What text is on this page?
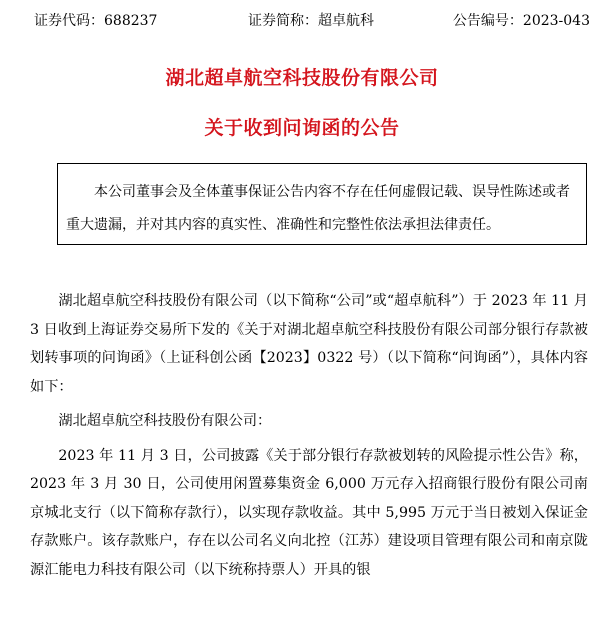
证券代码：688237	证券简称：超卓航科	公告编号：2023-043
湖北超卓航空科技股份有限公司
关于收到问询函的公告

本公司董事会及全体董事保证公告内容不存在任何虚假记载、误导性陈述或者重大遗漏，并对其内容的真实性、准确性和完整性依法承担法律责任。

湖北超卓航空科技股份有限公司（以下简称“公司”或“超卓航科”）于 2023 年 11 月 3 日收到上海证券交易所下发的《关于对湖北超卓航空科技股份有限公司部分银行存款被划转事项的问询函》（上证科创公函【2023】0322 号）（以下简称“问询函”），具体内容如下：

湖北超卓航空科技股份有限公司：

2023 年 11 月 3 日，公司披露《关于部分银行存款被划转的风险提示性公告》称，2023 年 3 月 30 日，公司使用闲置募集资金 6,000 万元存入招商银行股份有限公司南京城北支行（以下简称存款行），以实现存款收益。其中 5,995 万元于当日被划入保证金存款账户。该存款账户，存在以公司名义向北控（江苏）建设项目管理有限公司和南京陇源汇能电力科技有限公司（以下统称持票人）开具的银
